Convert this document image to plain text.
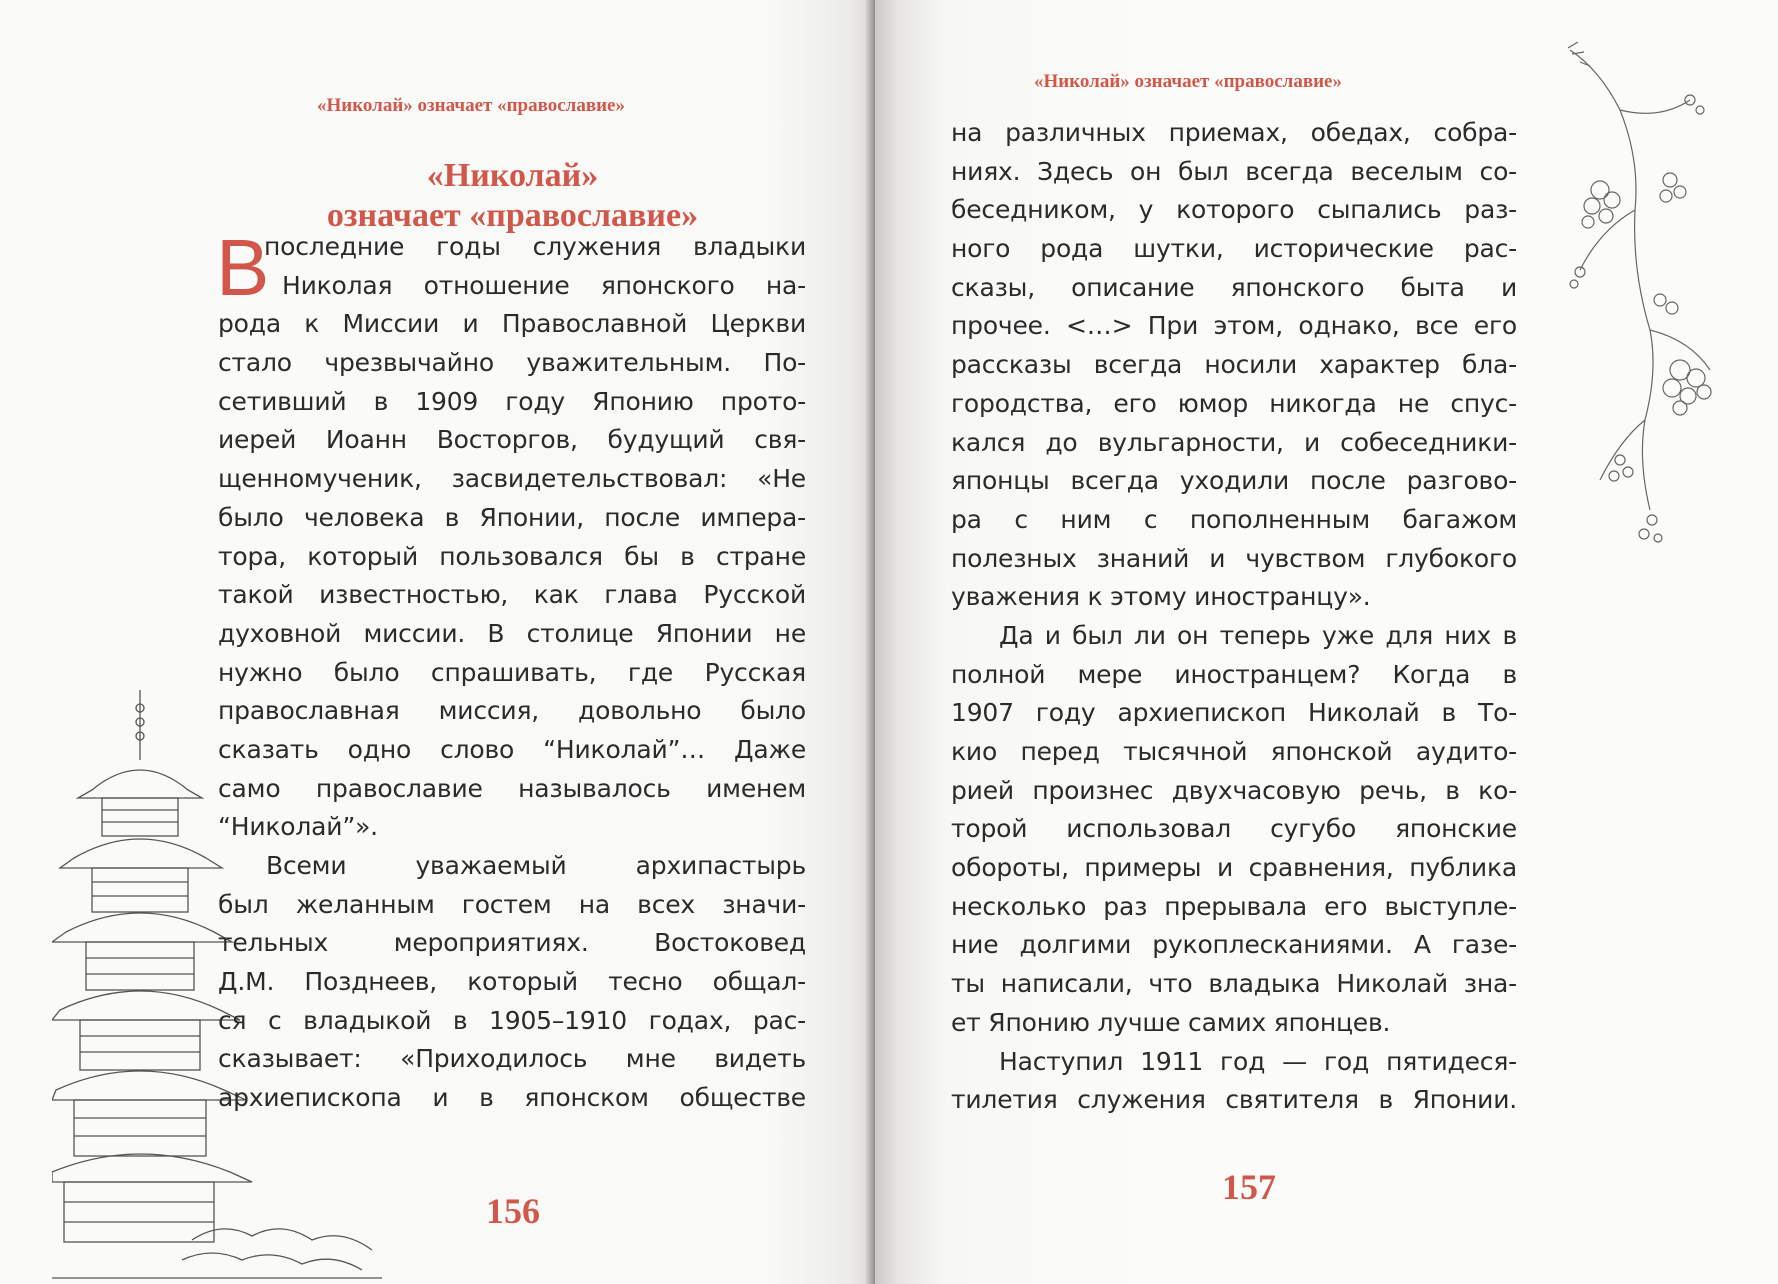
«Николай» означает «православие»
«Николай»
означает «православие»
В
последние годы служения владыки
Николая отношение японского на-
рода к Миссии и Православной Церкви
стало чрезвычайно уважительным. По-
сетивший в 1909 году Японию прото-
иерей Иоанн Восторгов, будущий свя-
щенномученик, засвидетельствовал: «Не
было человека в Японии, после импера-
тора, который пользовался бы в стране
такой известностью, как глава Русской
духовной миссии. В столице Японии не
нужно было спрашивать, где Русская
православная миссия, довольно было
сказать одно слово “Николай”… Даже
само православие называлось именем
“Николай”».
Всеми уважаемый архипастырь
был желанным гостем на всех значи-
тельных мероприятиях. Востоковед
Д.М. Позднеев, который тесно общал-
ся с владыкой в 1905–1910 годах, рас-
сказывает: «Приходилось мне видеть
архиепископа и в японском обществе
156
«Николай» означает «православие»
на различных приемах, обедах, собра-
ниях. Здесь он был всегда веселым со-
беседником, у которого сыпались раз-
ного рода шутки, исторические рас-
сказы, описание японского быта и
прочее. <…> При этом, однако, все его
рассказы всегда носили характер бла-
городства, его юмор никогда не спус-
кался до вульгарности, и собеседники-
японцы всегда уходили после разгово-
ра с ним с пополненным багажом
полезных знаний и чувством глубокого
уважения к этому иностранцу».
Да и был ли он теперь уже для них в
полной мере иностранцем? Когда в
1907 году архиепископ Николай в То-
кио перед тысячной японской аудито-
рией произнес двухчасовую речь, в ко-
торой использовал сугубо японские
обороты, примеры и сравнения, публика
несколько раз прерывала его выступле-
ние долгими рукоплесканиями. А газе-
ты написали, что владыка Николай зна-
ет Японию лучше самих японцев.
Наступил 1911 год — год пятидеся-
тилетия служения святителя в Японии.
157
